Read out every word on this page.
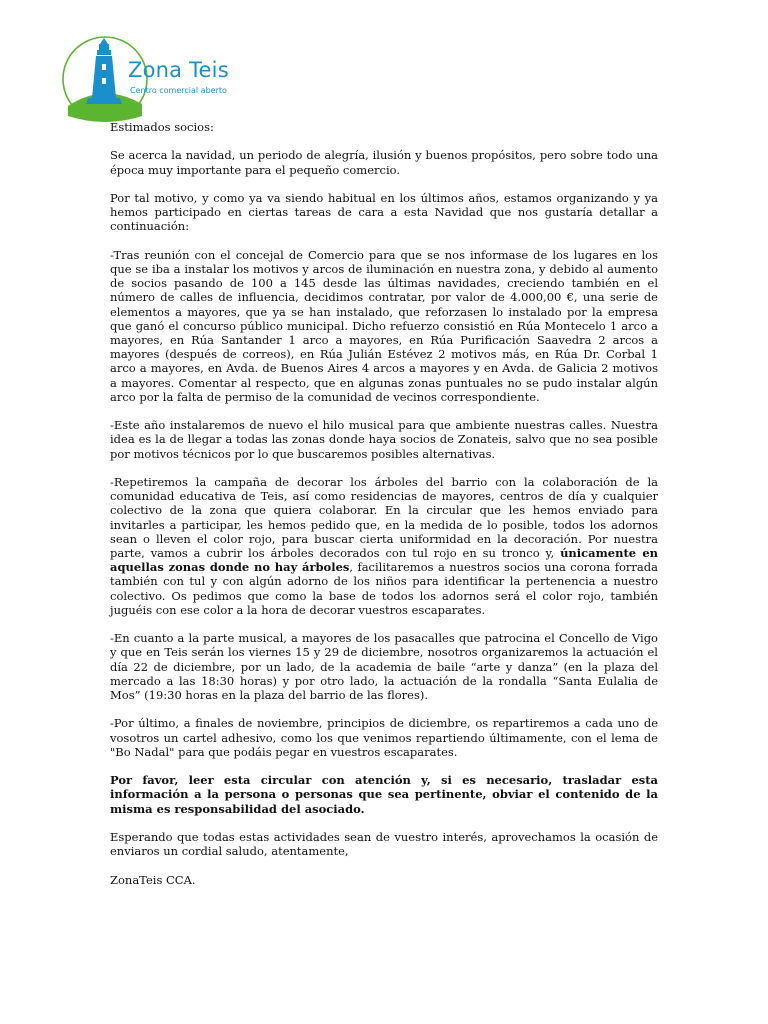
Zona Teis
Centro comercial aberto

Estimados socios:

Se acerca la navidad, un periodo de alegría, ilusión y buenos propósitos, pero sobre todo una época muy importante para el pequeño comercio.

Por tal motivo, y como ya va siendo habitual en los últimos años, estamos organizando y ya hemos participado en ciertas tareas de cara a esta Navidad que nos gustaría detallar a continuación:

-Tras reunión con el concejal de Comercio para que se nos informase de los lugares en los que se iba a instalar los motivos y arcos de iluminación en nuestra zona, y debido al aumento de socios pasando de 100 a 145 desde las últimas navidades, creciendo también en el número de calles de influencia, decidimos contratar, por valor de 4.000,00 €, una serie de elementos a mayores, que ya se han instalado, que reforzasen lo instalado por la empresa que ganó el concurso público municipal. Dicho refuerzo consistió en Rúa Montecelo 1 arco a mayores, en Rúa Santander 1 arco a mayores, en Rúa Purificación Saavedra 2 arcos a mayores (después de correos), en Rúa Julián Estévez 2 motivos más, en Rúa Dr. Corbal 1 arco a mayores, en Avda. de Buenos Aires 4 arcos a mayores y en Avda. de Galicia 2 motivos a mayores. Comentar al respecto, que en algunas zonas puntuales no se pudo instalar algún arco por la falta de permiso de la comunidad de vecinos correspondiente.

-Este año instalaremos de nuevo el hilo musical para que ambiente nuestras calles. Nuestra idea es la de llegar a todas las zonas donde haya socios de Zonateis, salvo que no sea posible por motivos técnicos por lo que buscaremos posibles alternativas.

-Repetiremos la campaña de decorar los árboles del barrio con la colaboración de la comunidad educativa de Teis, así como residencias de mayores, centros de día y cualquier colectivo de la zona que quiera colaborar. En la circular que les hemos enviado para invitarles a participar, les hemos pedido que, en la medida de lo posible, todos los adornos sean o lleven el color rojo, para buscar cierta uniformidad en la decoración. Por nuestra parte, vamos a cubrir los árboles decorados con tul rojo en su tronco y, únicamente en aquellas zonas donde no hay árboles, facilitaremos a nuestros socios una corona forrada también con tul y con algún adorno de los niños para identificar la pertenencia a nuestro colectivo. Os pedimos que como la base de todos los adornos será el color rojo, también juguéis con ese color a la hora de decorar vuestros escaparates.

-En cuanto a la parte musical, a mayores de los pasacalles que patrocina el Concello de Vigo y que en Teis serán los viernes 15 y 29 de diciembre, nosotros organizaremos la actuación el día 22 de diciembre, por un lado, de la academia de baile “arte y danza” (en la plaza del mercado a las 18:30 horas) y por otro lado, la actuación de la rondalla “Santa Eulalia de Mos” (19:30 horas en la plaza del barrio de las flores).

-Por último, a finales de noviembre, principios de diciembre, os repartiremos a cada uno de vosotros un cartel adhesivo, como los que venimos repartiendo últimamente, con el lema de "Bo Nadal" para que podáis pegar en vuestros escaparates.

Por favor, leer esta circular con atención y, si es necesario, trasladar esta información a la persona o personas que sea pertinente, obviar el contenido de la misma es responsabilidad del asociado.

Esperando que todas estas actividades sean de vuestro interés, aprovechamos la ocasión de enviaros un cordial saludo, atentamente,

ZonaTeis CCA.
